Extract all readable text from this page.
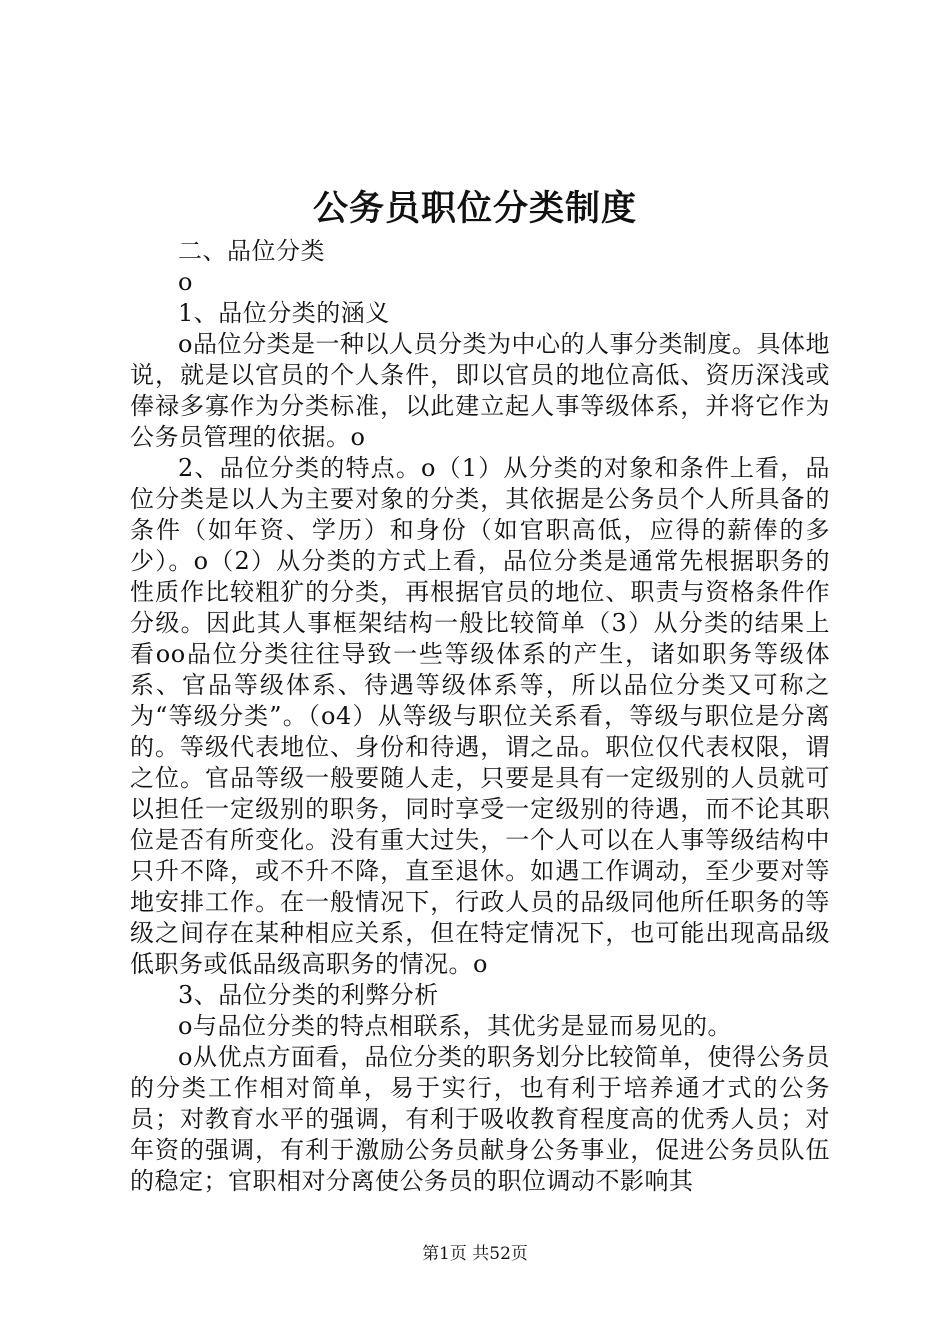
公务员职位分类制度

二、品位分类

o

1、品位分类的涵义

o品位分类是一种以人员分类为中心的人事分类制度。具体地说，就是以官员的个人条件，即以官员的地位高低、资历深浅或俸禄多寡作为分类标准，以此建立起人事等级体系，并将它作为公务员管理的依据。o

2、品位分类的特点。o（1）从分类的对象和条件上看，品位分类是以人为主要对象的分类，其依据是公务员个人所具备的条件（如年资、学历）和身份（如官职高低，应得的薪俸的多少）。o（2）从分类的方式上看，品位分类是通常先根据职务的性质作比较粗犷的分类，再根据官员的地位、职责与资格条件作分级。因此其人事框架结构一般比较简单（3）从分类的结果上看oo品位分类往往导致一些等级体系的产生，诸如职务等级体系、官品等级体系、待遇等级体系等，所以品位分类又可称之为“等级分类”。（o4）从等级与职位关系看，等级与职位是分离的。等级代表地位、身份和待遇，谓之品。职位仅代表权限，谓之位。官品等级一般要随人走，只要是具有一定级别的人员就可以担任一定级别的职务，同时享受一定级别的待遇，而不论其职位是否有所变化。没有重大过失，一个人可以在人事等级结构中只升不降，或不升不降，直至退休。如遇工作调动，至少要对等地安排工作。在一般情况下，行政人员的品级同他所任职务的等级之间存在某种相应关系，但在特定情况下，也可能出现高品级低职务或低品级高职务的情况。o

3、品位分类的利弊分析

o与品位分类的特点相联系，其优劣是显而易见的。

o从优点方面看，品位分类的职务划分比较简单，使得公务员的分类工作相对简单，易于实行，也有利于培养通才式的公务员；对教育水平的强调，有利于吸收教育程度高的优秀人员；对年资的强调，有利于激励公务员献身公务事业，促进公务员队伍的稳定；官职相对分离使公务员的职位调动不影响其

第1页 共52页
